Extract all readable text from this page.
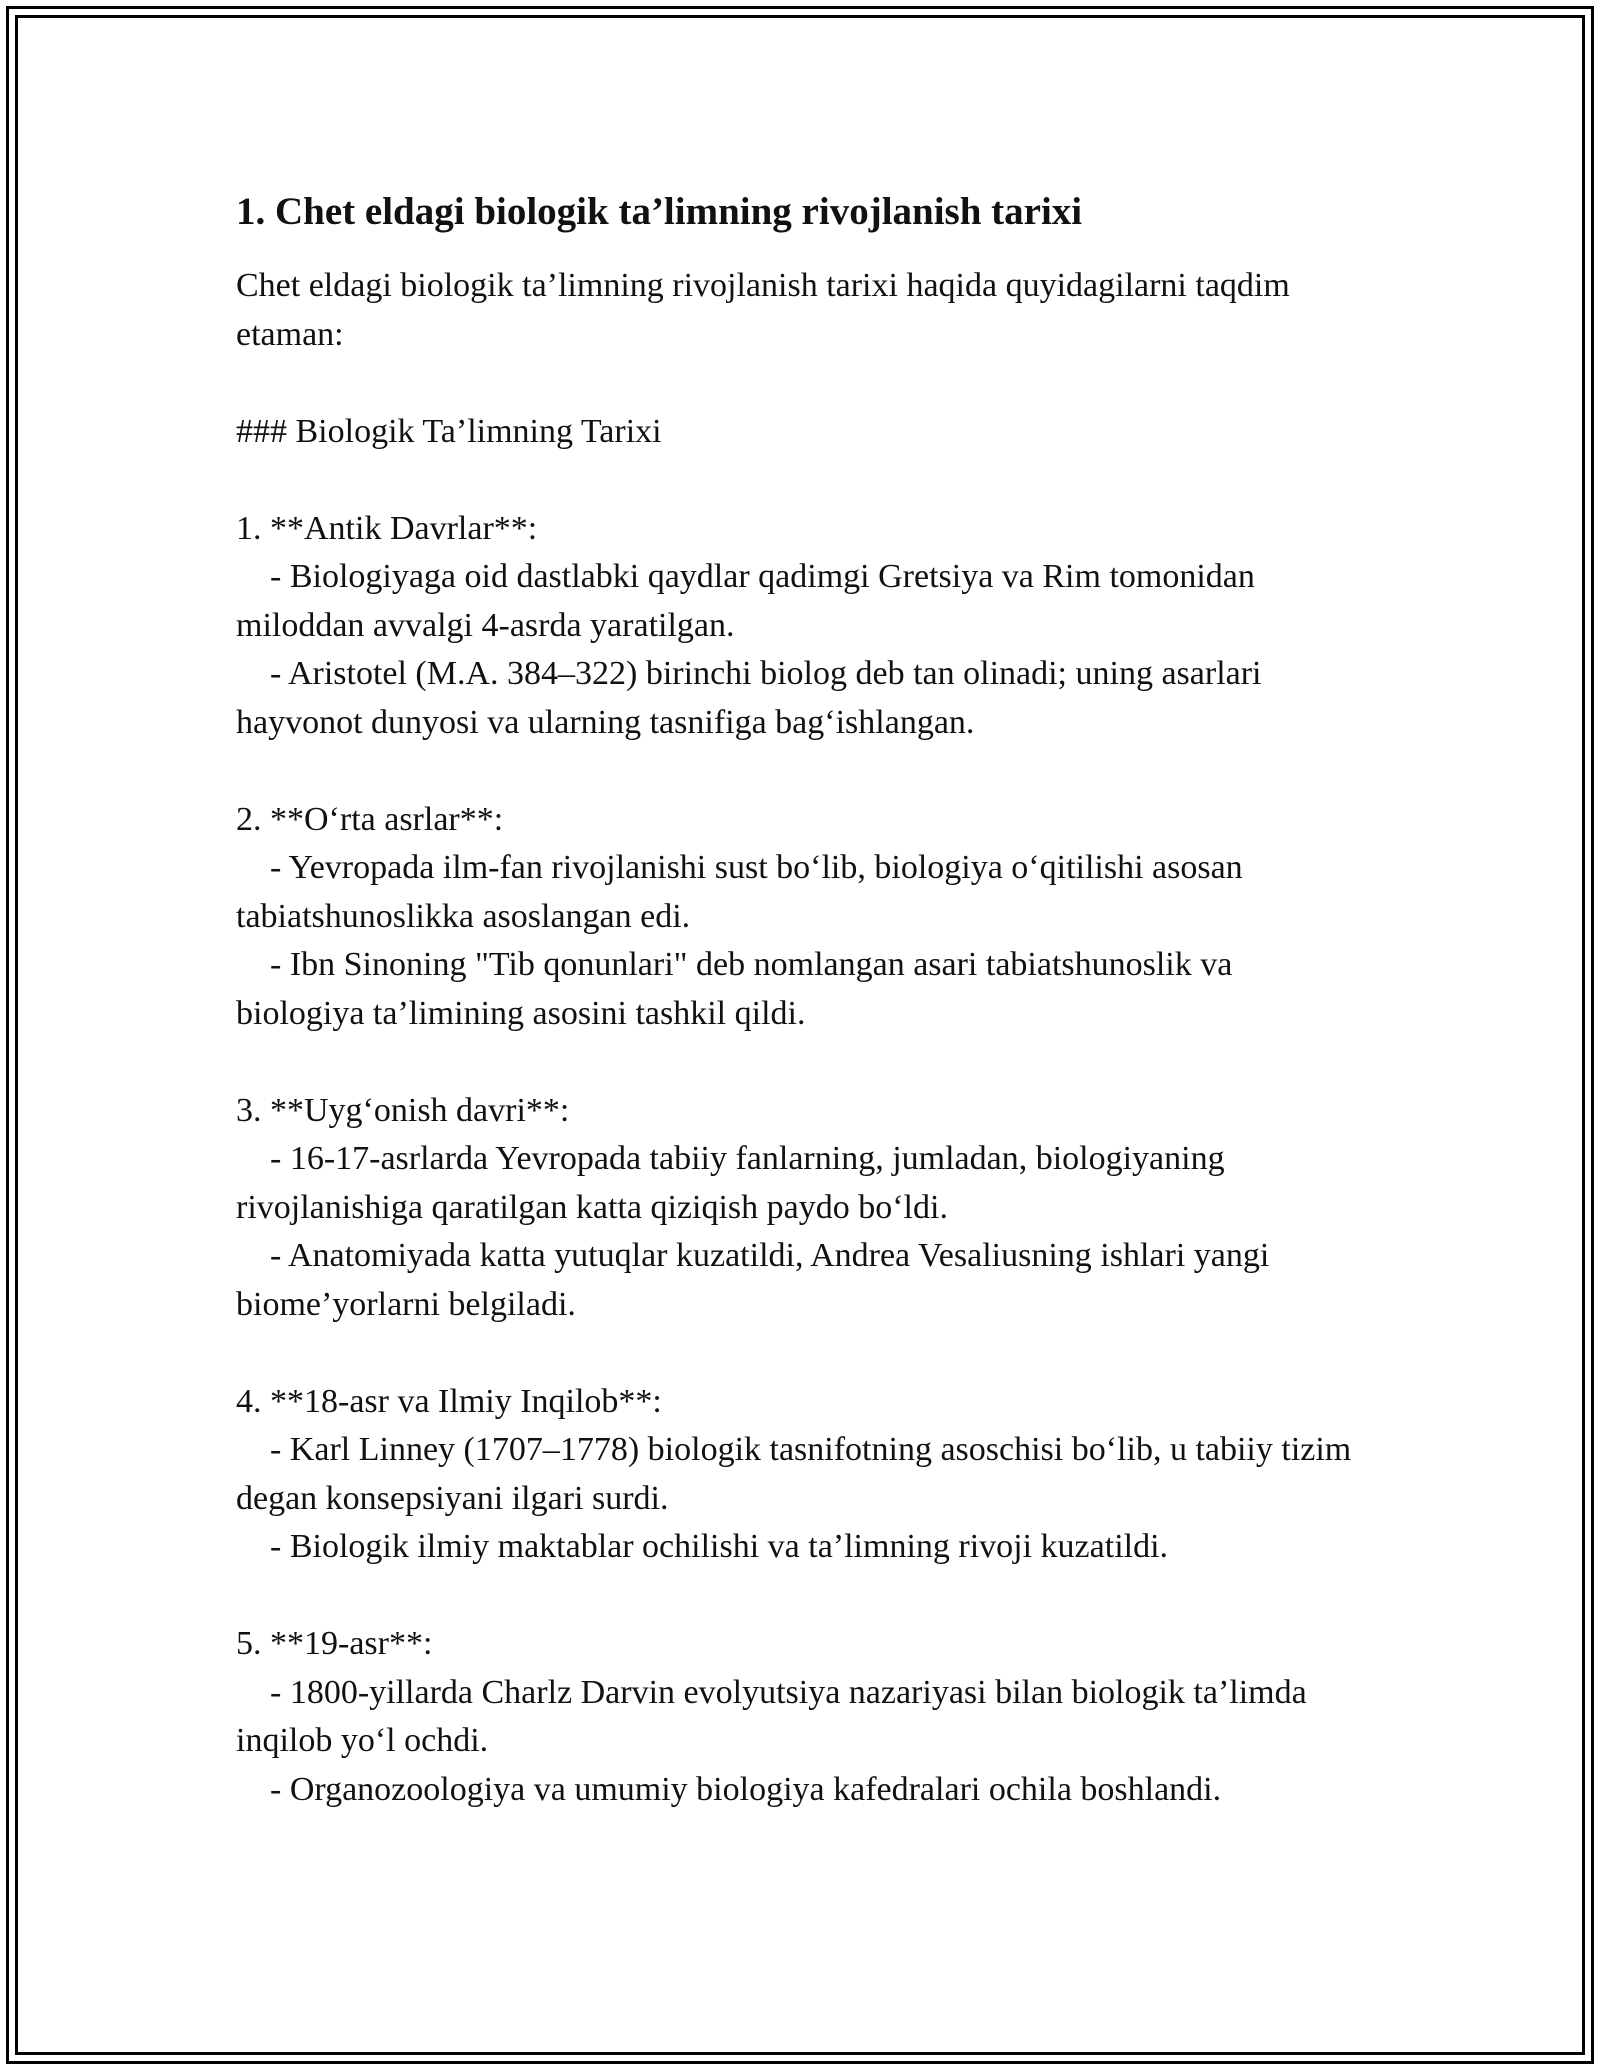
1. Chet eldagi biologik ta’limning rivojlanish tarixi

Chet eldagi biologik ta’limning rivojlanish tarixi haqida quyidagilarni taqdim etaman:

### Biologik Ta’limning Tarixi

1. **Antik Davrlar**:

- Biologiyaga oid dastlabki qaydlar qadimgi Gretsiya va Rim tomonidan miloddan avvalgi 4-asrda yaratilgan.

- Aristotel (M.A. 384–322) birinchi biolog deb tan olinadi; uning asarlari hayvonot dunyosi va ularning tasnifiga bag‘ishlangan.

2. **O‘rta asrlar**:

- Yevropada ilm-fan rivojlanishi sust bo‘lib, biologiya o‘qitilishi asosan tabiatshunoslikka asoslangan edi.

- Ibn Sinoning "Tib qonunlari" deb nomlangan asari tabiatshunoslik va biologiya ta’limining asosini tashkil qildi.

3. **Uyg‘onish davri**:

- 16-17-asrlarda Yevropada tabiiy fanlarning, jumladan, biologiyaning rivojlanishiga qaratilgan katta qiziqish paydo bo‘ldi.

- Anatomiyada katta yutuqlar kuzatildi, Andrea Vesaliusning ishlari yangi biome’yorlarni belgiladi.

4. **18-asr va Ilmiy Inqilob**:

- Karl Linney (1707–1778) biologik tasnifotning asoschisi bo‘lib, u tabiiy tizim degan konsepsiyani ilgari surdi.

- Biologik ilmiy maktablar ochilishi va ta’limning rivoji kuzatildi.

5. **19-asr**:

- 1800-yillarda Charlz Darvin evolyutsiya nazariyasi bilan biologik ta’limda inqilob yo‘l ochdi.

- Organozoologiya va umumiy biologiya kafedralari ochila boshlandi.
